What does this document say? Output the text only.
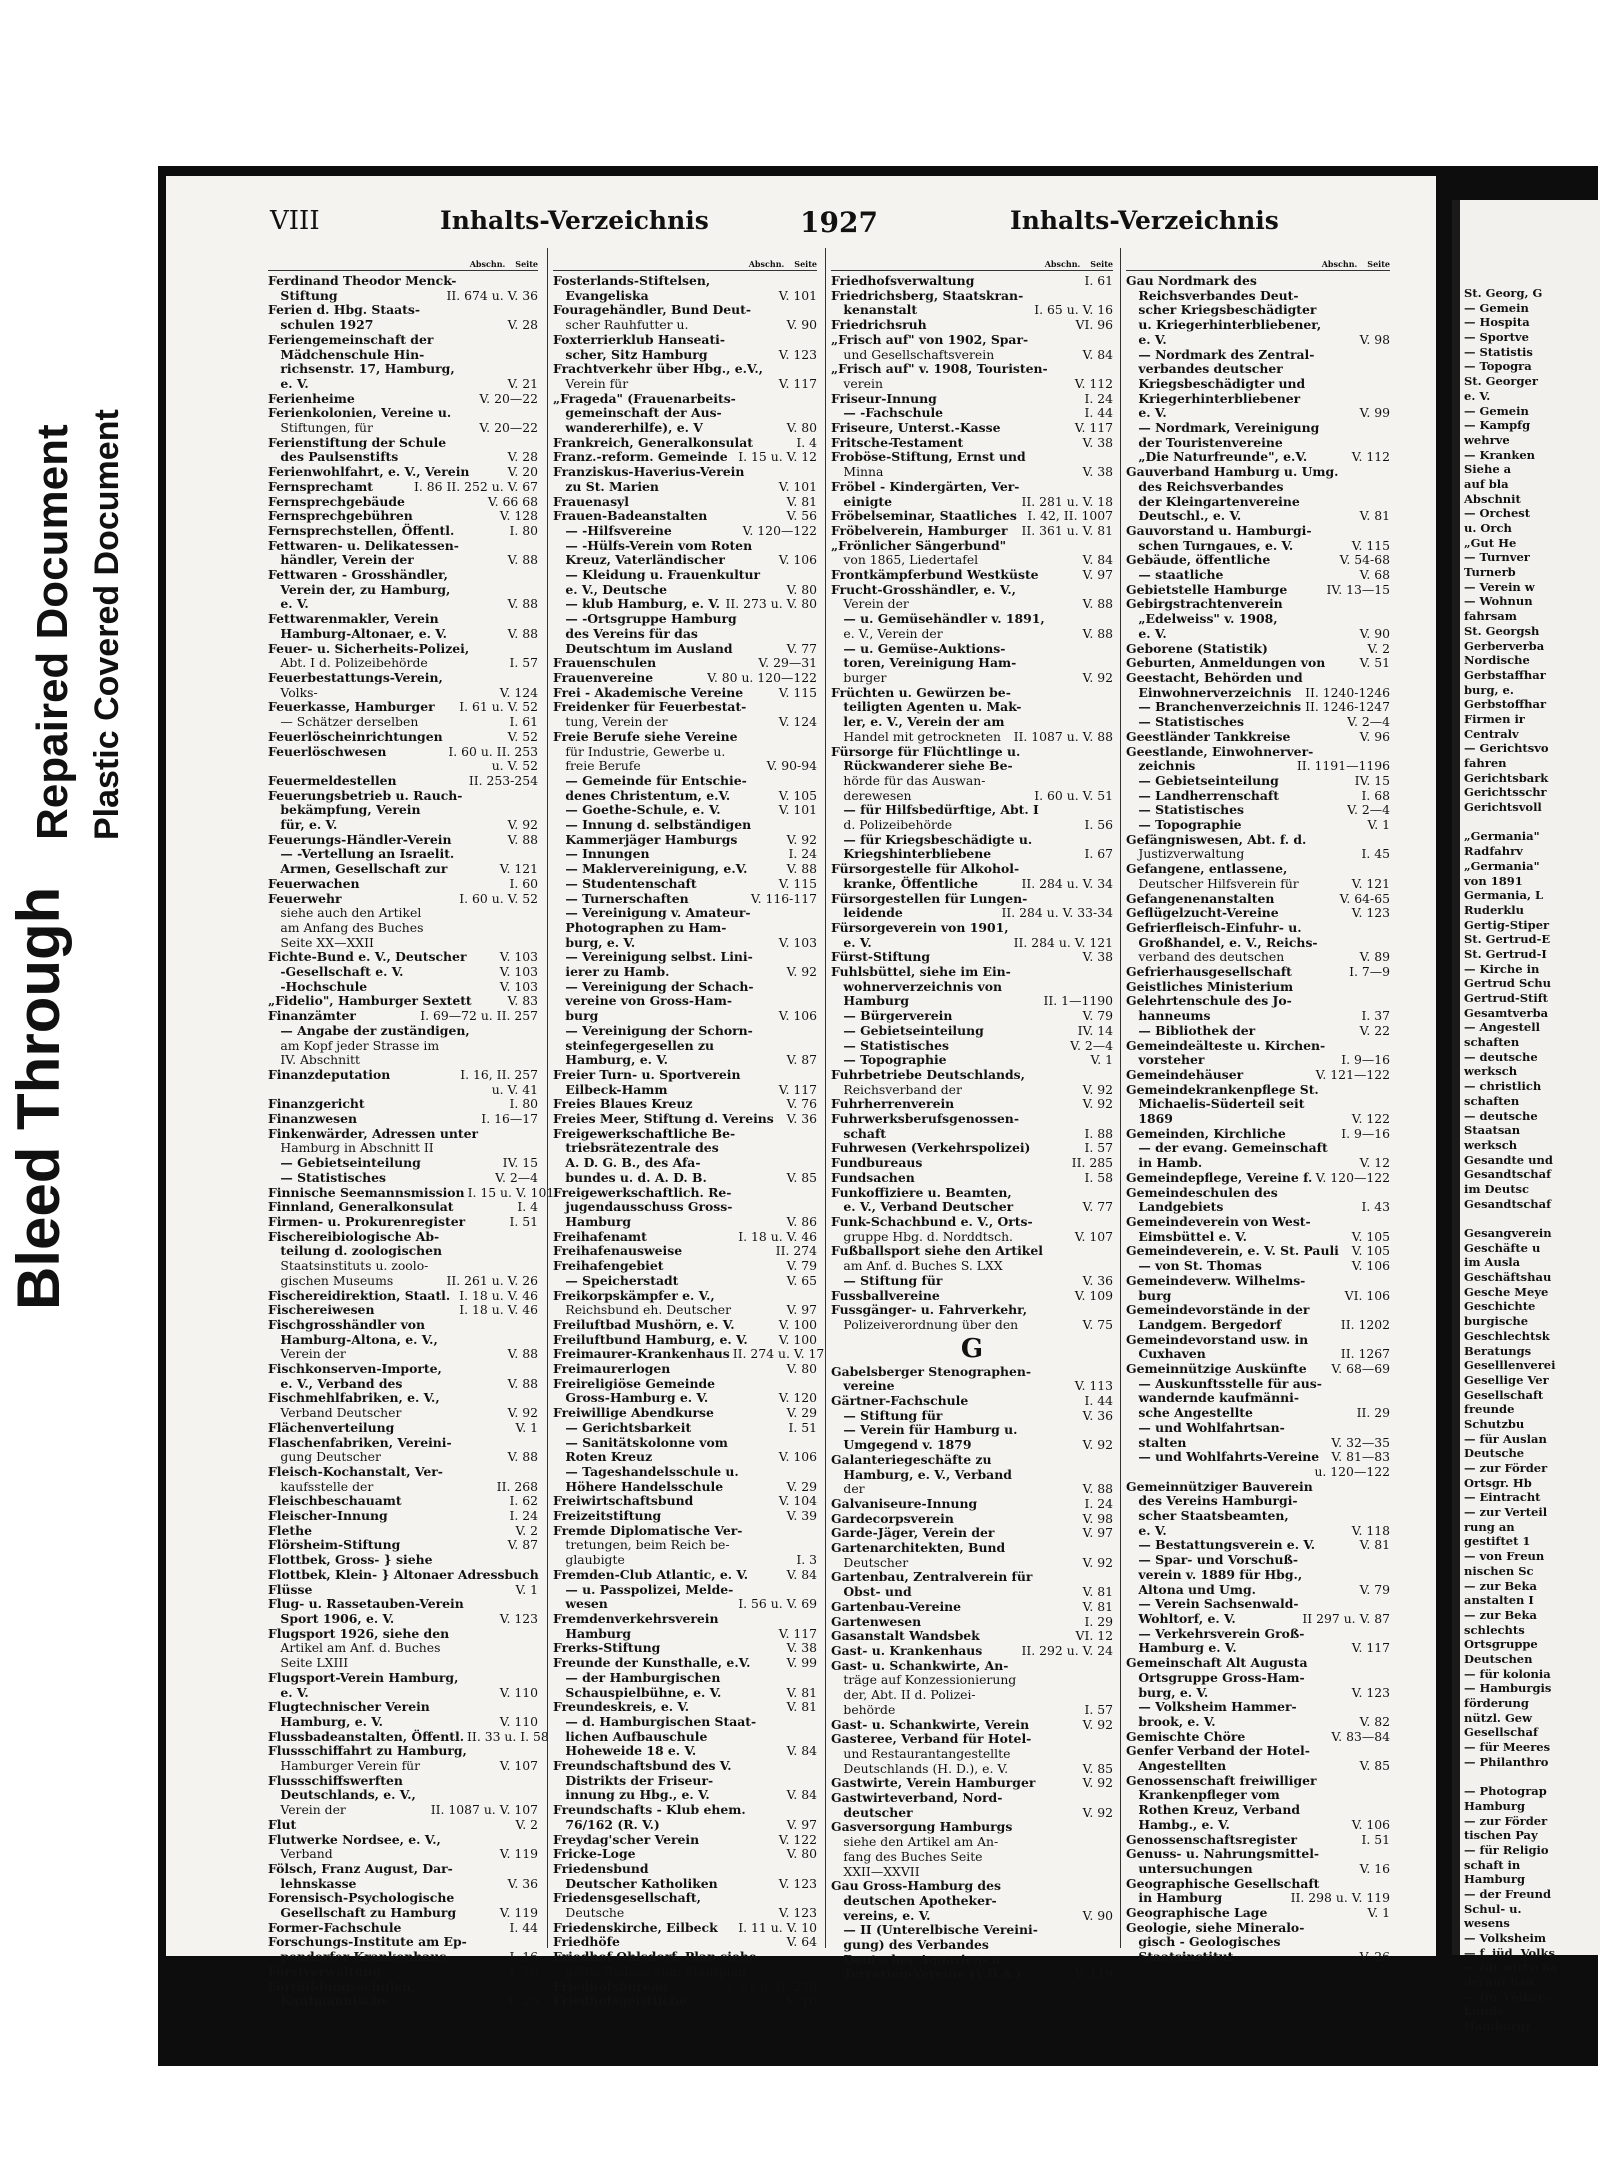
Bleed Through
Repaired Document Plastic Covered Document
St. Georg, G
— Gemein
— Hospita
— Sportve
— Statistis
— Topogra
St. Georger
e. V.
— Gemein
— Kampfg
wehrve
— Kranken
Siehe a
auf bla
Abschnit
— Orchest
u. Orch
„Gut He
— Turnver
Turnerb
— Verein w
— Wohnun
fahrsam
St. Georgsh
Gerberverba
Nordische
Gerbstaffhar
burg, e.
Gerbstoffhar
Firmen ir
Centralv
— Gerichtsvo
fahren
Gerichtsbark
Gerichtsschr
Gerichtsvoll
„Germania"
Radfahrv
„Germania"
von 1891
Germania, L
Ruderklu
Gertig-Stiper
St. Gertrud-E
St. Gertrud-I
— Kirche in
Gertrud Schu
Gertrud-Stift
Gesamtverba
— Angestell
schaften
— deutsche
werksch
— christlich
schaften
— deutsche
Staatsan
werksch
Gesandte und
Gesandtschaf
im Deutsc
Gesandtschaf
Gesangverein
Geschäfte u
im Ausla
Geschäftshau
Gesche Meye
Geschichte
burgische
Geschlechtsk
Beratungs
Geselllenverei
Gesellige Ver
Gesellschaft
freunde
Schutzbu
— für Auslan
Deutsche
— zur Förder
Ortsgr. Hb
— Eintracht
— zur Verteil
rung an
gestiftet 1
— von Freun
nischen Sc
— zur Beka
anstalten I
— zur Beka
schlechts
Ortsgruppe
Deutschen
— für kolonia
— Hamburgis
förderung
nützl. Gew
Gesellschaf
— für Meeres
— Philanthro
— Photograp
Hamburg
— zur Förder
tischen Pay
— für Religio
schaft in
Hamburg
— der Freund
Schul- u.
wesens
— Volksheim
— f. jüd. Volks
— für wirtscha
derauf bau
— für Völker-
kunde
Hamburg)
VIII	Inhalts-Verzeichnis	1927	Inhalts-Verzeichnis
Abschn. Seite
Ferdinand Theodor Menck-
 Stiftung	II. 674 u. V. 36
Ferien d. Hbg. Staats-
 schulen 1927	V. 28
Feriengemeinschaft der
 Mädchenschule Hin-
 richsenstr. 17, Hamburg,
 e. V.	V. 21
Ferienheime	V. 20—22
Ferienkolonien, Vereine u.
 Stiftungen, für	V. 20—22
Ferienstiftung der Schule
 des Paulsenstifts	V. 28
Ferienwohlfahrt, e. V., Verein	V. 20
Fernsprechamt	I. 86 II. 252 u. V. 67
Fernsprechgebäude	V. 66 68
Fernsprechgebühren	V. 128
Fernsprechstellen, Öffentl.	I. 80
Fettwaren- u. Delikatessen-
 händler, Verein der	V. 88
Fettwaren - Grosshändler,
 Verein der, zu Hamburg,
 e. V.	V. 88
Fettwarenmakler, Verein
 Hamburg-Altonaer, e. V.	V. 88
Feuer- u. Sicherheits-Polizei,
 Abt. I d. Polizeibehörde	I. 57
Feuerbestattungs-Verein,
 Volks-	V. 124
Feuerkasse, Hamburger	I. 61 u. V. 52
 — Schätzer derselben	I. 61
Feuerlöscheinrichtungen	V. 52
Feuerlöschwesen	I. 60 u. II. 253
u. V. 52
Feuermeldestellen	II. 253-254
Feuerungsbetrieb u. Rauch-
 bekämpfung, Verein
 für, e. V.	V. 92
Feuerungs-Händler-Verein	V. 88
 — -Vertellung an Israelit.
 Armen, Gesellschaft zur	V. 121
Feuerwachen	I. 60
Feuerwehr	I. 60 u. V. 52
 siehe auch den Artikel
 am Anfang des Buches
 Seite XX—XXII
Fichte-Bund e. V., Deutscher	V. 103
 -Gesellschaft e. V.	V. 103
 -Hochschule	V. 103
„Fidelio", Hamburger Sextett	V. 83
Finanzämter	I. 69—72 u. II. 257
 — Angabe der zuständigen,
 am Kopf jeder Strasse im
 IV. Abschnitt
Finanzdeputation	I. 16, II. 257
u. V. 41
Finanzgericht	I. 80
Finanzwesen	I. 16—17
Finkenwärder, Adressen unter
 Hamburg in Abschnitt II
 — Gebietseinteilung	IV. 15
 — Statistisches	V. 2—4
Finnische Seemannsmission I. 15 u. V. 101
Finnland, Generalkonsulat	I. 4
Firmen- u. Prokurenregister	I. 51
Fischereibiologische Ab-
 teilung d. zoologischen
 Staatsinstituts u. zoolo-
 gischen Museums	II. 261 u. V. 26
Fischereidirektion, Staatl. I. 18 u. V. 46
Fischereiwesen	I. 18 u. V. 46
Fischgrosshändler von
 Hamburg-Altona, e. V.,
 Verein der	V. 88
Fischkonserven-Importe,
 e. V., Verband des	V. 88
Fischmehlfabriken, e. V.,
 Verband Deutscher	V. 92
Flächenverteilung	V. 1
Flaschenfabriken, Vereini-
 gung Deutscher	V. 88
Fleisch-Kochanstalt, Ver-
 kaufsstelle der	II. 268
Fleischbeschauamt	I. 62
Fleischer-Innung	I. 24
Flethe	V. 2
Flörsheim-Stiftung	V. 87
Flottbek, Gross- } siehe
Flottbek, Klein- } Altonaer Adressbuch
Flüsse	V. 1
Flug- u. Rassetauben-Verein
 Sport 1906, e. V.	V. 123
Flugsport 1926, siehe den
 Artikel am Anf. d. Buches
 Seite LXIII
Flugsport-Verein Hamburg,
 e. V.	V. 110
Flugtechnischer Verein
 Hamburg, e. V.	V. 110
Flussbadeanstalten, Öffentl. II. 33 u. I. 58
Flussschiffahrt zu Hamburg,
 Hamburger Verein für	V. 107
Flussschiffswerften
 Deutschlands, e. V.,
 Verein der	II. 1087 u. V. 107
Flut	V. 2
Flutwerke Nordsee, e. V.,
 Verband	V. 119
Fölsch, Franz August, Dar-
 lehnskasse	V. 36
Forensisch-Psychologische
 Gesellschaft zu Hamburg	V. 119
Former-Fachschule	I. 44
Forschungs-Institute am Ep-
 pendorfer Krankenhaus	I. 16
Forstverwaltung	I. 16
Fortbildungsschulen,
 Kaufmännische	V. 29
Abschn. Seite
Fosterlands-Stiftelsen,
 Evangeliska	V. 101
Fouragehändler, Bund Deut-
 scher Rauhfutter u.	V. 90
Foxterrierklub Hanseati-
 scher, Sitz Hamburg	V. 123
Frachtverkehr über Hbg., e.V.,
 Verein für	V. 117
„Fragedа" (Frauenarbeits-
 gemeinschaft der Aus-
 wandererhilfe), e. V	V. 80
Frankreich, Generalkonsulat	I. 4
Franz.-reform. Gemeinde I. 15 u. V. 12
Franziskus-Haverius-Verein
 zu St. Marien	V. 101
Frauenasyl	V. 81
Frauen-Badeanstalten	V. 56
 — -Hilfsvereine	V. 120—122
 — -Hülfs-Verein vom Roten
 Kreuz, Vaterländischer	V. 106
 — Kleidung u. Frauenkultur
 e. V., Deutsche	V. 80
 — klub Hamburg, e. V. II. 273 u. V. 80
 — -Ortsgruppe Hamburg
 des Vereins für das
 Deutschtum im Ausland	V. 77
Frauenschulen	V. 29—31
Frauenvereine	V. 80 u. 120—122
Frei - Akademische Vereine	V. 115
Freidenker für Feuerbestat-
 tung, Verein der	V. 124
Freie Berufe siehe Vereine
 für Industrie, Gewerbe u.
 freie Berufe	V. 90-94
 — Gemeinde für Entschie-
 denes Christentum, e.V.	V. 105
 — Goethe-Schule, e. V.	V. 101
 — Innung d. selbständigen
 Kammerjäger Hamburgs	V. 92
 — Innungen	I. 24
 — Maklervereinigung, e.V.	V. 88
 — Studentenschaft	V. 115
 — Turnerschaften	V. 116-117
 — Vereinigung v. Amateur-
 Photographen zu Ham-
 burg, e. V.	V. 103
 — Vereinigung selbst. Lini-
 ierer zu Hamb.	V. 92
 — Vereinigung der Schach-
 vereine von Gross-Ham-
 burg	V. 106
 — Vereinigung der Schorn-
 steinfegergesellen zu
 Hamburg, e. V.	V. 87
Freier Turn- u. Sportverein
 Eilbeck-Hamm	V. 117
Freies Blaues Kreuz	V. 76
Freies Meer, Stiftung d. Vereins	V. 36
Freigewerkschaftliche Be-
 triebsrätezentrale des
 A. D. G. B., des Afa-
 bundes u. d. A. D. B.	V. 85
Freigewerkschaftlich. Re-
 jugendausschuss Gross-
 Hamburg	V. 86
Freihafenamt	I. 18 u. V. 46
Freihafenausweise	II. 274
Freihafengebiet	V. 79
 — Speicherstadt	V. 65
Freikorpskämpfer e. V.,
 Reichsbund eh. Deutscher	V. 97
Freiluftbad Mushörn, e. V.	V. 100
Freiluftbund Hamburg, e. V.	V. 100
Freimaurer-Krankenhaus II. 274 u. V. 17
Freimaurerlogen	V. 80
Freireligiöse Gemeinde
 Gross-Hamburg e. V.	V. 120
Freiwillige Abendkurse	V. 29
 — Gerichtsbarkeit	I. 51
 — Sanitätskolonne vom
 Roten Kreuz	V. 106
 — Tageshandelsschule u.
 Höhere Handelsschule	V. 29
Freiwirtschaftsbund	V. 104
Freizeitstiftung	V. 39
Fremde Diplomatische Ver-
 tretungen, beim Reich be-
 glaubigte	I. 3
Fremden-Club Atlantic, e. V.	V. 84
 — u. Passpolizei, Melde-
 wesen	I. 56 u. V. 69
Fremdenverkehrsverein
 Hamburg	V. 117
Frerks-Stiftung	V. 38
Freunde der Kunsthalle, e.V.	V. 99
 — der Hamburgischen
 Schauspielbühne, e. V.	V. 81
Freundeskreis, e. V.	V. 81
 — d. Hamburgischen Staat-
 lichen Aufbauschule
 Hoheweide 18 e. V.	V. 84
Freundschaftsbund des V.
 Distrikts der Friseur-
 innung zu Hbg., e. V.	V. 84
Freundschafts - Klub ehem.
 76/162 (R. V.)	V. 97
Freydag'scher Verein	V. 122
Fricke-Loge	V. 80
Friedensbund
 Deutscher Katholiken	V. 123
Friedensgesellschaft,
 Deutsche	V. 123
Friedenskirche, Eilbeck	I. 11 u. V. 10
Friedhöfe	V. 64
Friedhof Ohlsdorf, Plan siehe
 gelbe Beilage zum Stadtplan
Friedhofsbureau	I. 61 u. II. 278
Friedhofsgeistliche	V. 10
Abschn. Seite
Friedhofsverwaltung	I. 61
Friedrichsberg, Staatskran-
 kenanstalt	I. 65 u. V. 16
Friedrichsruh	VI. 96
„Frisch auf" von 1902, Spar-
 und Gesellschaftsverein	V. 84
„Frisch auf" v. 1908, Touristen-
 verein	V. 112
Friseur-Innung	I. 24
 — -Fachschule	I. 44
Friseure, Unterst.-Kasse	V. 117
Fritsche-Testament	V. 38
Froböse-Stiftung, Ernst und
 Minna	V. 38
Fröbel - Kindergärten, Ver-
 einigte	II. 281 u. V. 18
Fröbelseminar, Staatliches I. 42, II. 1007
Fröbelverein, Hamburger	II. 361 u. V. 81
„Frönlicher Sängerbund"
 von 1865, Liedertafel	V. 84
Frontkämpferbund Westküste	V. 97
Frucht-Grosshändler, e. V.,
 Verein der	V. 88
 — u. Gemüsehändler v. 1891,
 e. V., Verein der	V. 88
 — u. Gemüse-Auktions-
 toren, Vereinigung Ham-
 burger	V. 92
Früchten u. Gewürzen be-
 teiligten Agenten u. Mak-
 ler, e. V., Verein der am
 Handel mit getrockneten	II. 1087 u. V. 88
Fürsorge für Flüchtlinge u.
 Rückwanderer siehe Be-
 hörde für das Auswan-
 derewesen	I. 60 u. V. 51
 — für Hilfsbedürftige, Abt. I
 d. Polizeibehörde	I. 56
 — für Kriegsbeschädigte u.
 Kriegshinterbliebene	I. 67
Fürsorgestelle für Alkohol-
 kranke, Öffentliche	II. 284 u. V. 34
Fürsorgestellen für Lungen-
 leidende	II. 284 u. V. 33-34
Fürsorgeverein von 1901,
 e. V.	II. 284 u. V. 121
Fürst-Stiftung	V. 38
Fuhlsbüttel, siehe im Ein-
 wohnerverzeichnis von
 Hamburg	II. 1—1190
 — Bürgerverein	V. 79
 — Gebietseinteilung	IV. 14
 — Statistisches	V. 2—4
 — Topographie	V. 1
Fuhrbetriebe Deutschlands,
 Reichsverband der	V. 92
Fuhrherrenverein	V. 92
Fuhrwerksberufsgenossen-
 schaft	I. 88
Fuhrwesen (Verkehrspolizei)	I. 57
Fundbureaus	II. 285
Fundsachen	I. 58
Funkoffiziere u. Beamten,
 e. V., Verband Deutscher	V. 77
Funk-Schachbund e. V., Orts-
 gruppe Hbg. d. Norddtsch.	V. 107
Fußballsport siehe den Artikel
 am Anf. d. Buches S. LXX
 — Stiftung für	V. 36
Fussballvereine	V. 109
Fussgänger- u. Fahrverkehr,
 Polizeiverordnung über den	V. 75
G
Gabelsberger Stenographen-
 vereine	V. 113
Gärtner-Fachschule	I. 44
 — Stiftung für	V. 36
 — Verein für Hamburg u.
 Umgegend v. 1879	V. 92
Galanteriegeschäfte zu
 Hamburg, e. V., Verband
 der	V. 88
Galvaniseure-Innung	I. 24
Gardecorpsverein	V. 98
Garde-Jäger, Verein der	V. 97
Gartenarchitekten, Bund
 Deutscher	V. 92
Gartenbau, Zentralverein für
 Obst- und	V. 81
Gartenbau-Vereine	V. 81
Gartenwesen	I. 29
Gasanstalt Wandsbek	VI. 12
Gast- u. Krankenhaus	II. 292 u. V. 24
Gast- u. Schankwirte, An-
 träge auf Konzessionierung
 der, Abt. II d. Polizei-
 behörde	I. 57
Gast- u. Schankwirte, Verein	V. 92
Gasteree, Verband für Hotel-
 und Restaurantangestellte
 Deutschlands (H. D.), e. V.	V. 85
Gastwirte, Verein Hamburger	V. 92
Gastwirteverband, Nord-
 deutscher	V. 92
Gasversorgung Hamburgs
 siehe den Artikel am An-
 fang des Buches Seite
 XXII—XXVII
Gau Gross-Hamburg des
 deutschen Apotheker-
 vereins, e. V.	V. 90
 — II (Unterelbische Vereini-
 gung) des Verbandes
 Deutscher Aquarien- u.
 Terrarien-Vereine (V.D.A.)	V. 119
Abschn. Seite
Gau Nordmark des
 Reichsverbandes Deut-
 scher Kriegsbeschädigter
 u. Kriegerhinterbliebener,
 e. V.	V. 98
 — Nordmark des Zentral-
 verbandes deutscher
 Kriegsbeschädigter und
 Kriegerhinterbliebener
 e. V.	V. 99
 — Nordmark, Vereinigung
 der Touristenvereine
 „Die Naturfreunde", e.V.	V. 112
Gauverband Hamburg u. Umg.
 des Reichsverbandes
 der Kleingartenvereine
 Deutschl., e. V.	V. 81
Gauvorstand u. Hamburgi-
 schen Turngaues, e. V.	V. 115
Gebäude, öffentliche	V. 54-68
 — staatliche	V. 68
Gebietstelle Hamburge	IV. 13—15
Gebirgstrachtenverein
 „Edelweiss" v. 1908,
 e. V.	V. 90
Geborene (Statistik)	V. 2
Geburten, Anmeldungen von	V. 51
Geestacht, Behörden und
 Einwohnerverzeichnis	II. 1240-1246
 — Branchenverzeichnis II. 1246-1247
 — Statistisches	V. 2—4
Geestländer Tankkreise	V. 96
Geestlande, Einwohnerver-
 zeichnis	II. 1191—1196
 — Gebietseinteilung	IV. 15
 — Landherrenschaft	I. 68
 — Statistisches	V. 2—4
 — Topographie	V. 1
Gefängniswesen, Abt. f. d.
 Justizverwaltung	I. 45
Gefangene, entlassene,
 Deutscher Hilfsverein für	V. 121
Gefangenenanstalten	V. 64-65
Geflügelzucht-Vereine	V. 123
Gefrierfleisch-Einfuhr- u.
 Großhandel, e. V., Reichs-
 verband des deutschen	V. 89
Gefrierhausgesellschaft	I. 7—9
Geistliches Ministerium
Gelehrtenschule des Jo-
 hanneums	I. 37
 — Bibliothek der	V. 22
Gemeindeälteste u. Kirchen-
 vorsteher	I. 9—16
Gemeindehäuser	V. 121—122
Gemeindekrankenpflege St.
 Michaelis-Süderteil seit
 1869	V. 122
Gemeinden, Kirchliche	I. 9—16
 — der evang. Gemeinschaft
 in Hamb.	V. 12
Gemeindepflege, Vereine f. V. 120—122
Gemeindeschulen des
 Landgebiets	I. 43
Gemeindeverein von West-
 Eimsbüttel e. V.	V. 105
Gemeindeverein, e. V. St. Pauli	V. 105
 — von St. Thomas	V. 106
Gemeindeverw. Wilhelms-
 burg	VI. 106
Gemeindevorstände in der
 Landgem. Bergedorf	II. 1202
Gemeindevorstand usw. in
 Cuxhaven	II. 1267
Gemeinnützige Auskünfte	V. 68—69
 — Auskunftsstelle für aus-
 wandernde kaufmänni-
 sche Angestellte	II. 29
 — und Wohlfahrtsan-
 stalten	V. 32—35
 — und Wohlfahrts-Vereine V. 81—83
u. 120—122
Gemeinnütziger Bauverein
 des Vereins Hamburgi-
 scher Staatsbeamten,
 e. V.	V. 118
 — Bestattungsverein e. V.	V. 81
 — Spar- und Vorschuß-
 verein v. 1889 für Hbg.,
 Altona und Umg.	V. 79
 — Verein Sachsenwald-
 Wohltorf, e. V.	II 297 u. V. 87
 — Verkehrsverein Groß-
 Hamburg e. V.	V. 117
Gemeinschaft Alt Augusta
 Ortsgruppe Gross-Ham-
 burg, e. V.	V. 123
 — Volksheim Hammer-
 brook, e. V.	V. 82
Gemischte Chöre	V. 83—84
Genfer Verband der Hotel-
 Angestellten	V. 85
Genossenschaft freiwilliger
 Krankenpfleger vom
 Rothen Kreuz, Verband
 Hambg., e. V.	V. 106
Genossenschaftsregister	I. 51
Genuss- u. Nahrungsmittel-
 untersuchungen	V. 16
Geographische Gesellschaft
 in Hamburg	II. 298 u. V. 119
Geographische Lage	V. 1
Geologie, siehe Mineralo-
 gisch - Geologisches
 Staatsinstitut	V. 26
